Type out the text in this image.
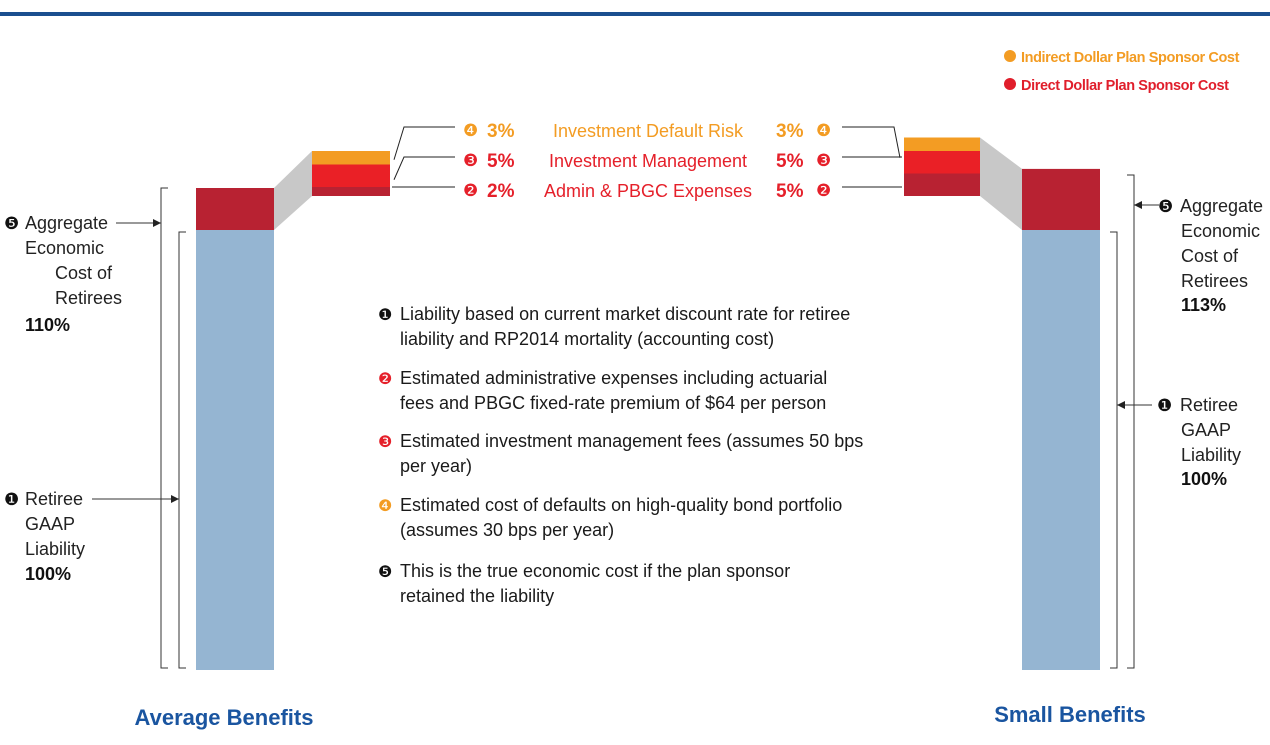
Indirect Dollar Plan Sponsor Cost
Direct Dollar Plan Sponsor Cost
❹ 3% Investment Default Risk 3% ❹
❸ 5% Investment Management 5% ❸
❷ 2% Admin & PBGC Expenses 5% ❷
❺ Aggregate
Economic
Cost of
Retirees
110%
❶ Retiree
GAAP
Liability
100%
❺ Aggregate
Economic
Cost of
Retirees
113%
❶ Retiree
GAAP
Liability
100%
❶ Liability based on current market discount rate for retiree
liability and RP2014 mortality (accounting cost)
❷ Estimated administrative expenses including actuarial
fees and PBGC fixed-rate premium of $64 per person
❸ Estimated investment management fees (assumes 50 bps
per year)
❹ Estimated cost of defaults on high-quality bond portfolio
(assumes 30 bps per year)
❺ This is the true economic cost if the plan sponsor
retained the liability
Average Benefits	Small Benefits
